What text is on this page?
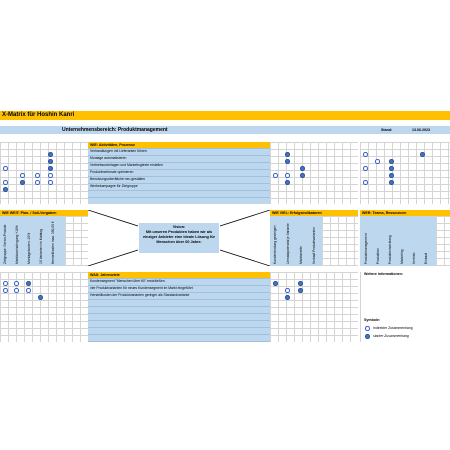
X-Matrix für Hoshin Kanri
Unternehmensbereich: Produktmanagement	Stand:	13.06.2023
WIE: Aktivitäten, Prozesse
Verhandlungen mit Lieferanten führen
Montage automatisieren
Vertriebsunterlagen und Marketingtexte erstellen
Produktmerkmale optimieren
Benutzungsoberfläche neu gestalten
Werbekampagne für Zielgruppe
WIE WEIT: Plan- / Soll-Vorgaben
Zielgruppe: Senior-Produkt	Marktdurchdringung +18%	Montagekosten -10%	15 Varianten im Katalog	Herstellkosten max. 350,00 €	Vision:
Mit unseren Produkten haben wir als einziger Anbieter eine ideale Lösung für Menschen über 60 Jahre.
WIE VIEL: Erfolgsindikatoren
Kundenbindung gesteigert	Umsatzpotenzial je Variante	Marktanteile	Verkauf Produktvarianten
WER: Teams, Ressourcen
Produktmanagement	Produktion	Produktentwicklung	Marketing	Vertrieb	Einkauf
WAS: Jahresziele
Kundensegment "Menschen über 60" erschließen
vier Produktvarianten für neues Kundensegment im Markt eingeführt
Herstellkosten der Produktvarianten geringer als Standardvariante
Weitere Informationen:
Symbole:
Indirekter Zusammenhang
starker Zusammenhang
